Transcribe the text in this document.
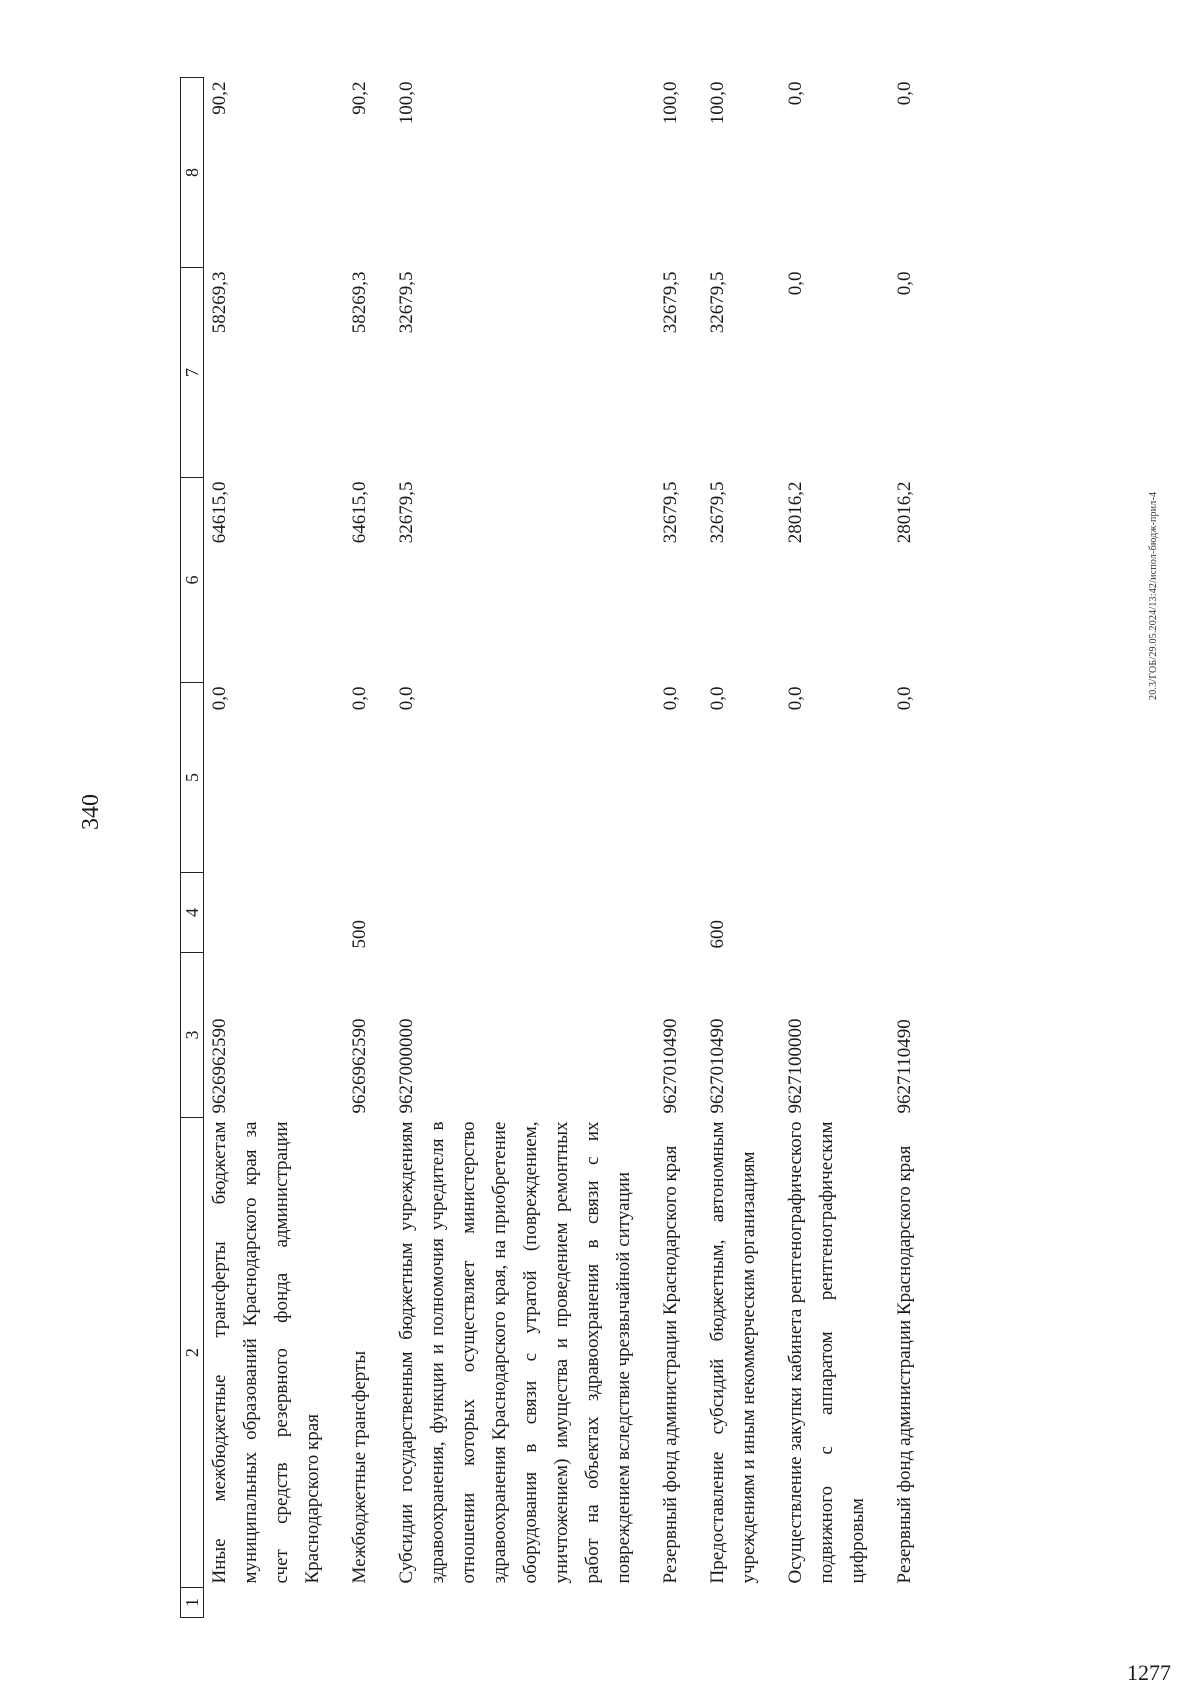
340
1	2	3	4	5	6	7	8
	Иные межбюджетные трансферты бюджетам муниципальных образований Краснодарского края за счет средств резервного фонда администрации Краснодарского края	9626962590		0,0	64615,0	58269,3	90,2
	Межбюджетные трансферты	9626962590	500	0,0	64615,0	58269,3	90,2
	Субсидии государственным бюджетным учреждениям здравоохранения, функции и полномочия учредителя в отношении которых осуществляет министерство здравоохранения Краснодарского края, на приобретение оборудования в связи с утратой (повреждением, уничтожением) имущества и проведением ремонтных работ на объектах здравоохранения в связи с их повреждением вследствие чрезвычайной ситуации	9627000000		0,0	32679,5	32679,5	100,0
	Резервный фонд администрации Краснодарского края	9627010490		0,0	32679,5	32679,5	100,0
	Предоставление субсидий бюджетным, автономным учреждениям и иным некоммерческим организациям	9627010490	600	0,0	32679,5	32679,5	100,0
	Осуществление закупки кабинета рентгенографического подвижного с аппаратом рентгенографическим цифровым	9627100000		0,0	28016,2	0,0	0,0
	Резервный фонд администрации Краснодарского края	9627110490		0,0	28016,2	0,0	0,0
20.3/ГОБ/29.05.2024/13:42/испол-бюдж-прил-4
1277
